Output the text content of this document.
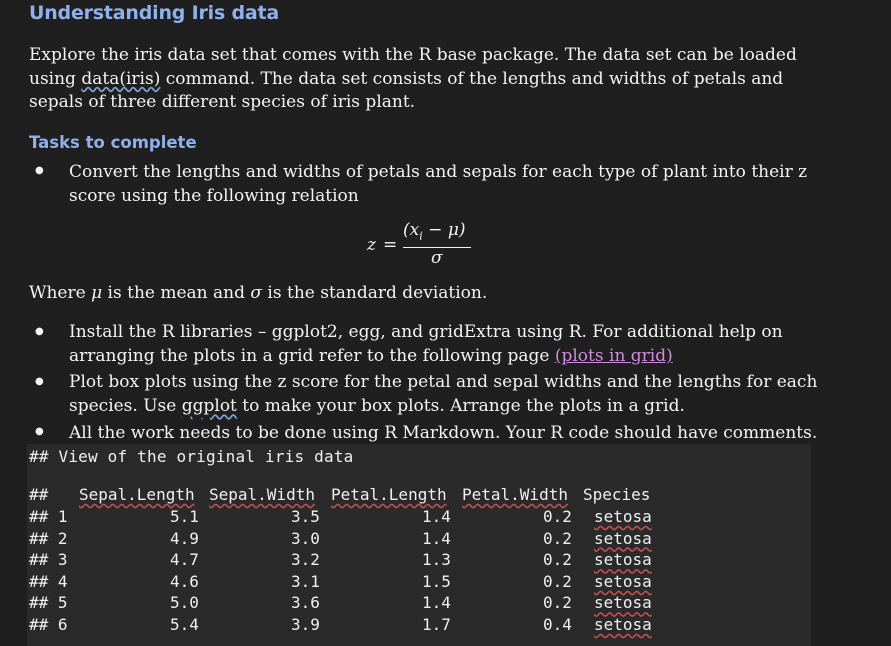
Understanding Iris data
Explore the iris data set that comes with the R base package. The data set can be loaded using data(iris) command. The data set consists of the lengths and widths of petals and sepals of three different species of iris plant.
Tasks to complete
● Convert the lengths and widths of petals and sepals for each type of plant into their z score using the following relation
z =
$(x_i - \mu)$
σ
Where μ is the mean and σ is the standard deviation.
● Install the R libraries – ggplot2, egg, and gridExtra using R. For additional help on arranging the plots in a grid refer to the following page (plots in grid)
● Plot box plots using the z score for the petal and sepal widths and the lengths for each species. Use ggplot to make your box plots. Arrange the plots in a grid.
● All the work needs to be done using R Markdown. Your R code should have comments.
## View of the original iris data
## Sepal.Length Sepal.Width Petal.Length Petal.Width Species
## 1	5.1	3.5	1.4	0.2 setosa
## 2	4.9	3.0	1.4	0.2 setosa
## 3	4.7	3.2	1.3	0.2 setosa
## 4	4.6	3.1	1.5	0.2 setosa
## 5	5.0	3.6	1.4	0.2 setosa
## 6	5.4	3.9	1.7	0.4 setosa
